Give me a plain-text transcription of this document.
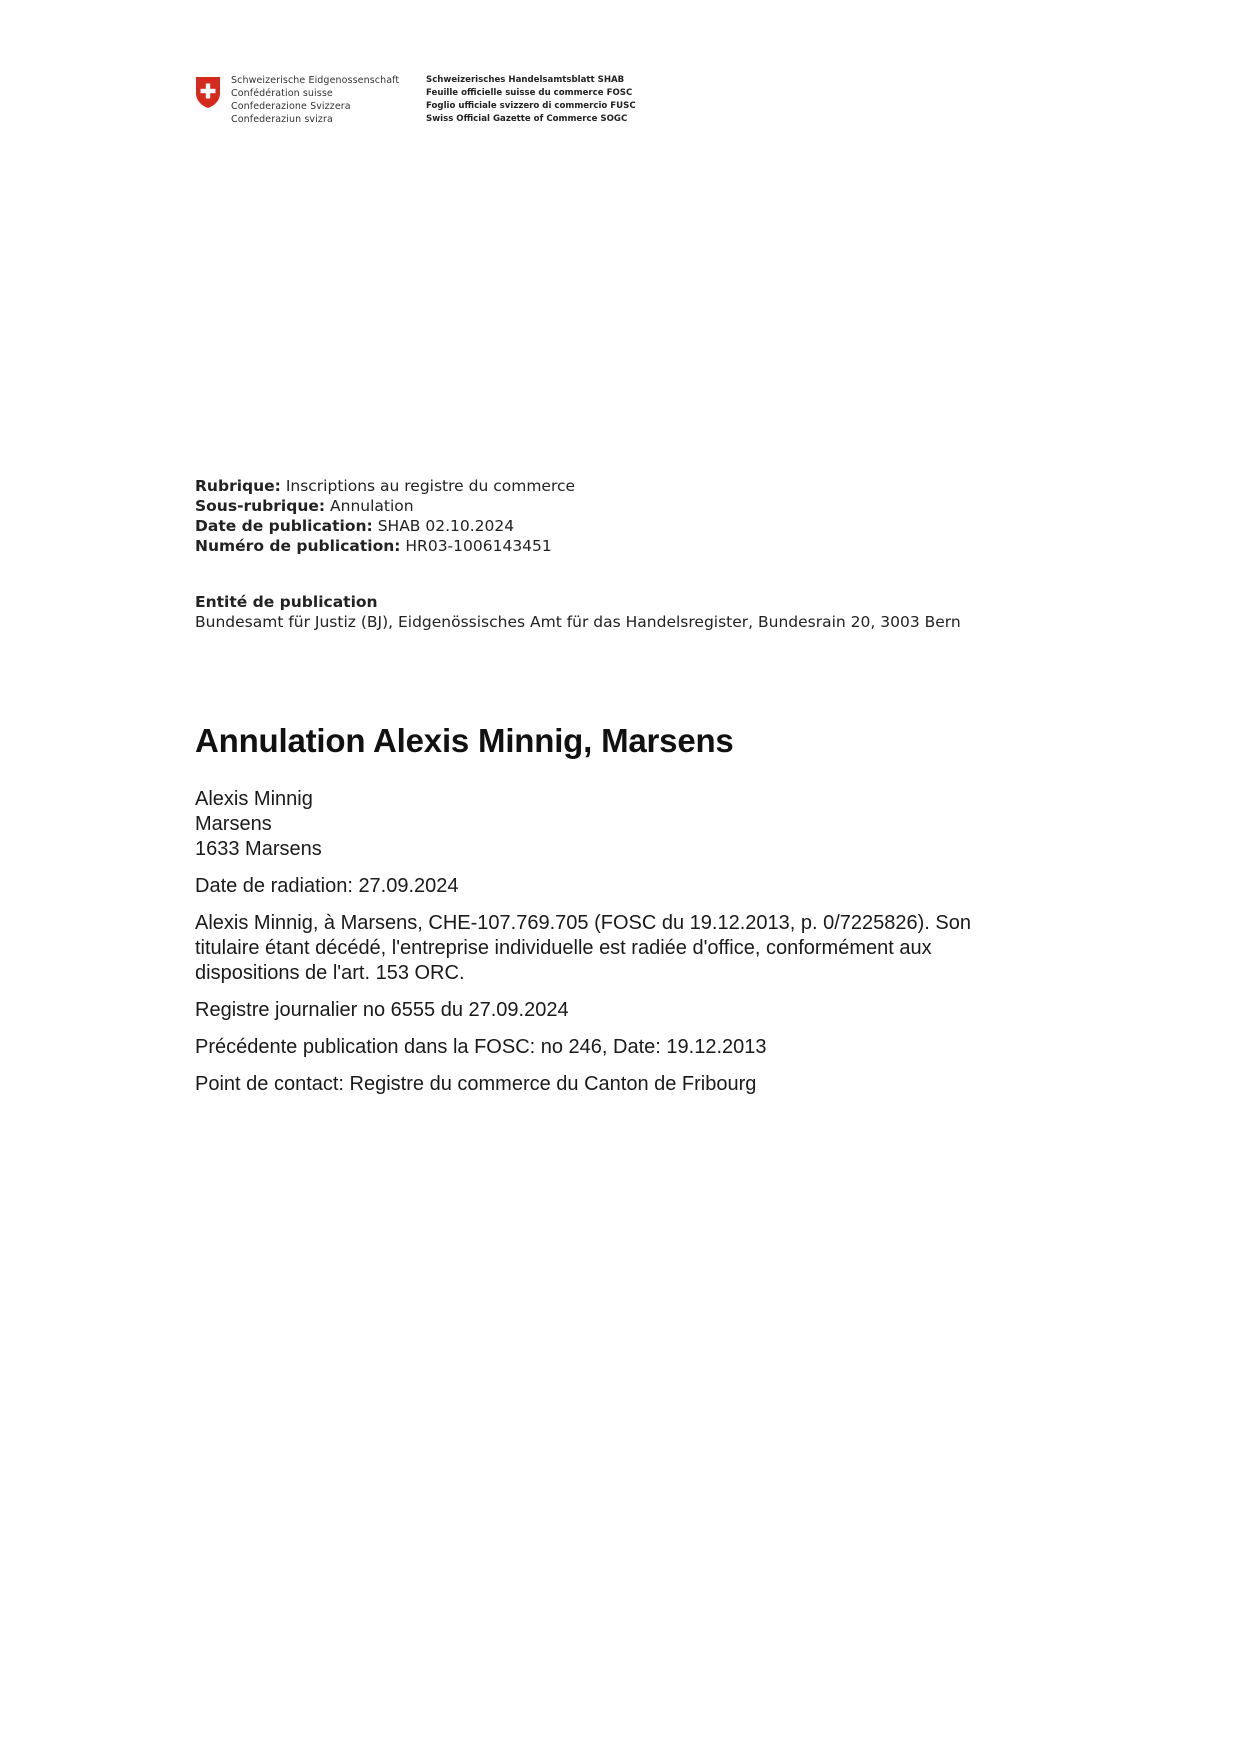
Schweizerische Eidgenossenschaft
Confédération suisse
Confederazione Svizzera
Confederaziun svizra
Schweizerisches Handelsamtsblatt SHAB
Feuille officielle suisse du commerce FOSC
Foglio ufficiale svizzero di commercio FUSC
Swiss Official Gazette of Commerce SOGC
Rubrique: Inscriptions au registre du commerce
Sous-rubrique: Annulation
Date de publication: SHAB 02.10.2024
Numéro de publication: HR03-1006143451
Entité de publication
Bundesamt für Justiz (BJ), Eidgenössisches Amt für das Handelsregister, Bundesrain 20, 3003 Bern
Annulation Alexis Minnig, Marsens

Alexis Minnig
Marsens
1633 Marsens

Date de radiation: 27.09.2024

Alexis Minnig, à Marsens, CHE-107.769.705 (FOSC du 19.12.2013, p. 0/7225826). Son titulaire étant décédé, l'entreprise individuelle est radiée d'office, conformément aux dispositions de l'art. 153 ORC.

Registre journalier no 6555 du 27.09.2024

Précédente publication dans la FOSC: no 246, Date: 19.12.2013

Point de contact: Registre du commerce du Canton de Fribourg
